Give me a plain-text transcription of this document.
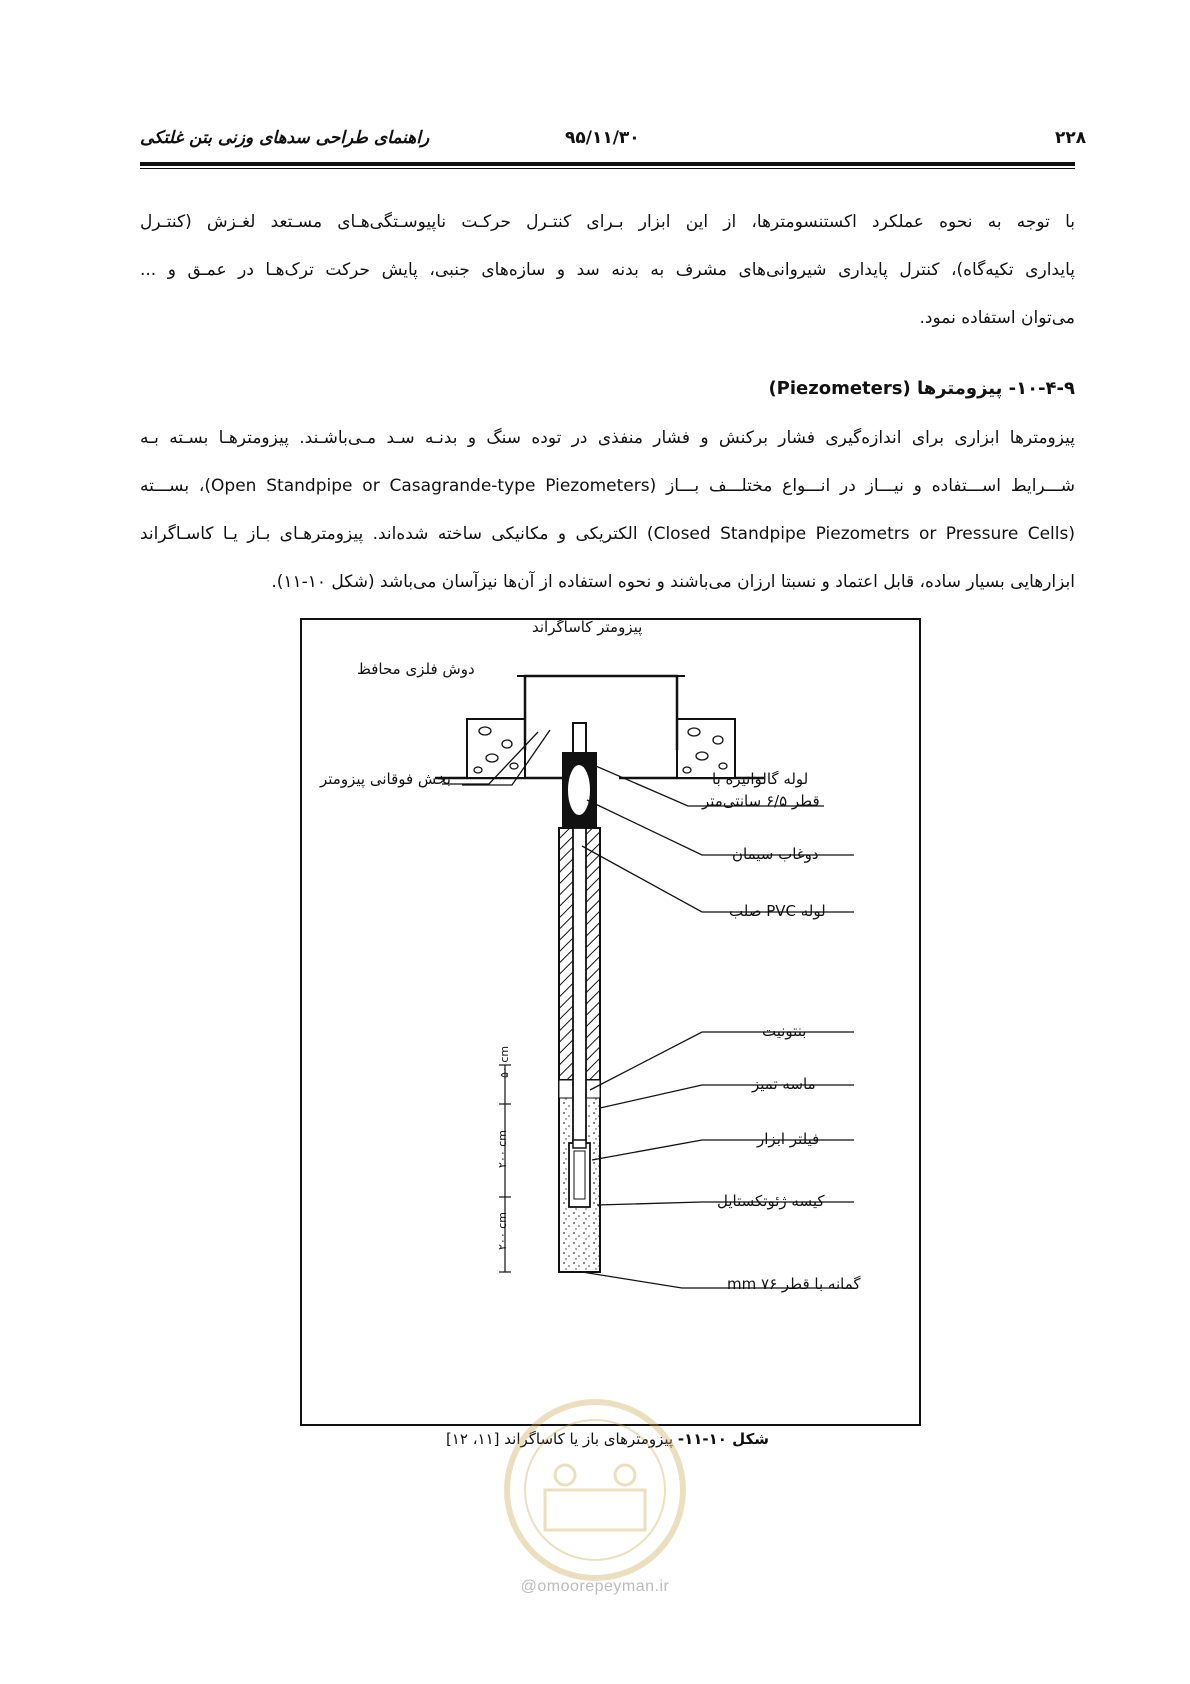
۲۲۸
۹۵/۱۱/۳۰
راهنمای طراحی سدهای وزنی بتن غلتکی
با توجه به نحوه عملکرد اکستنسومترها، از این ابزار بـرای کنتـرل حرکـت ناپیوسـتگی‌هـای مسـتعد لغـزش (کنتـرل
پایداری تکیه‌گاه)، کنترل پایداری شیروانی‌های مشرف به بدنه سد و سازه‌های جنبی، پایش حرکت ترک‌هـا در عمـق و ...
می‌توان استفاده نمود.
۱۰-۴-۹- پیزومترها (Piezometers)
پیزومترها ابزاری برای اندازه‌گیری فشار برکنش و فشار منفذی در توده سنگ و بدنـه سـد مـی‌باشـند. پیزومترهـا بسـته بـه
شـــرایط اســـتفاده و نیـــاز در انـــواع مختلـــف بـــاز (Open Standpipe or Casagrande-type Piezometers)، بســـته
(Closed Standpipe Piezometrs or Pressure Cells) الکتریکی و مکانیکی ساخته شده‌اند. پیزومترهـای بـاز یـا کاسـاگراند
ابزارهایی بسیار ساده، قابل اعتماد و نسبتا ارزان می‌باشند و نحوه استفاده از آن‌ها نیزآسان می‌باشد (شکل ۱۰-۱۱).
پیزومتر کاساگراند
دوش فلزی محافظ
بخش فوقانی پیزومتر	لوله گالوانیزه با
قطر ۶/۵ سانتی‌متر
دوغاب سیمان
لوله PVC صلب
بنتونیت
ماسه تمیز
فیلتر ابزار
کیسه ژئوتکستایل
گمانه با قطر ۷۶ mm
۵۰ cm
۲۰۰ cm
۲۰۰ cm
شکل ۱۰-۱۱- پیزومترهای باز یا کاساگراند [۱۱، ۱۲]
@omoorepeyman.ir
